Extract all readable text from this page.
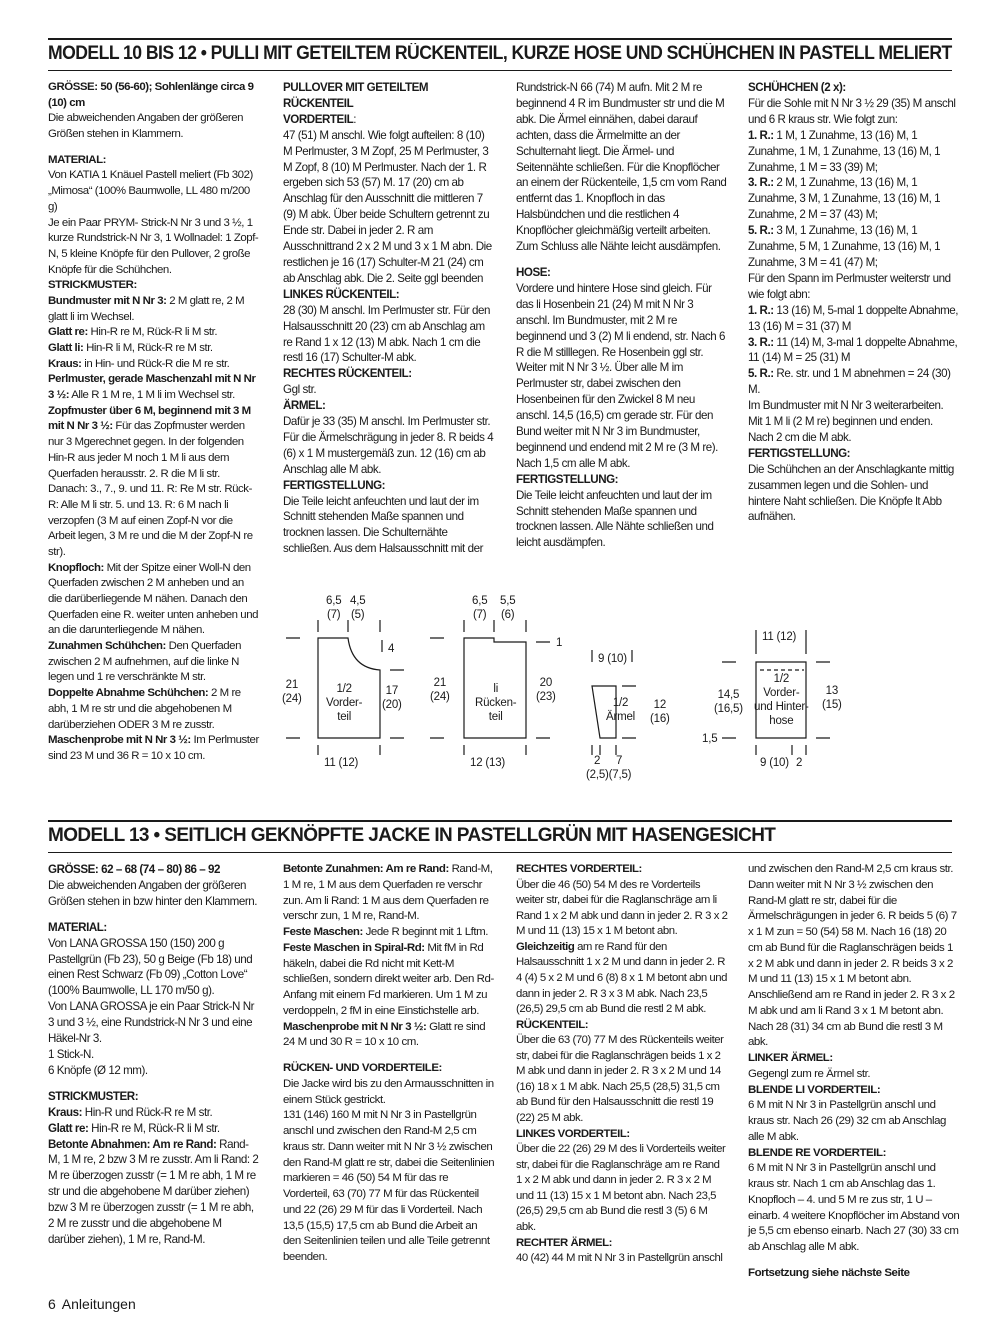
MODELL 10 BIS 12 • PULLI MIT GETEILTEM RÜCKENTEIL, KURZE HOSE UND SCHÜHCHEN IN PASTELL MELIERT

GRÖSSE: 50 (56-60); Sohlenlänge circa 9 (10) cm

Die abweichenden Angaben der größeren Größen stehen in Klammern.

MATERIAL:

Von KATIA 1 Knäuel Pastell meliert (Fb 302) „Mimosa“ (100% Baumwolle, LL 480 m/200 g)

Je ein Paar PRYM- Strick-N Nr 3 und 3 ½, 1 kurze Rundstrick-N Nr 3, 1 Wollnadel: 1 Zopf-N, 5 kleine Knöpfe für den Pullover, 2 große Knöpfe für die Schühchen.

STRICKMUSTER:

Bundmuster mit N Nr 3: 2 M glatt re, 2 M glatt li im Wechsel.

Glatt re: Hin-R re M, Rück-R li M str.

Glatt li: Hin-R li M, Rück-R re M str.

Kraus: in Hin- und Rück-R die M re str.

Perlmuster, gerade Maschenzahl mit N Nr 3 ½: Alle R 1 M re, 1 M li im Wechsel str.

Zopfmuster über 6 M, beginnend mit 3 M mit N Nr 3 ½: Für das Zopfmuster werden nur 3 Mgerechnet gegen. In der folgenden Hin-R aus jeder M noch 1 M li aus dem Querfaden herausstr. 2. R die M li str. Danach: 3., 7., 9. und 11. R: Re M str. Rück-R: Alle M li str. 5. und 13. R: 6 M nach li verzopfen (3 M auf einen Zopf-N vor die Arbeit legen, 3 M re und die M der Zopf-N re str).

Knopfloch: Mit der Spitze einer Woll-N den Querfaden zwischen 2 M anheben und an die darüberliegende M nähen. Danach den Querfaden eine R. weiter unten anheben und an die darunterliegende M nähen.

Zunahmen Schühchen: Den Querfaden zwischen 2 M aufnehmen, auf die linke N legen und 1 re verschränkte M str.

Doppelte Abnahme Schühchen: 2 M re abh, 1 M re str und die abgehobenen M darüberziehen ODER 3 M re zusstr.

Maschenprobe mit N Nr 3 ½: Im Perlmuster sind 23 M und 36 R = 10 x 10 cm.

PULLOVER MIT GETEILTEM RÜCKENTEIL

VORDERTEIL:

47 (51) M anschl. Wie folgt aufteilen: 8 (10) M Perlmuster, 3 M Zopf, 25 M Perlmuster, 3 M Zopf, 8 (10) M Perlmuster. Nach der 1. R ergeben sich 53 (57) M. 17 (20) cm ab Anschlag für den Ausschnitt die mittleren 7 (9) M abk. Über beide Schultern getrennt zu Ende str. Dabei in jeder 2. R am Ausschnittrand 2 x 2 M und 3 x 1 M abn. Die restlichen je 16 (17) Schulter-M 21 (24) cm ab Anschlag abk. Die 2. Seite ggl beenden

LINKES RÜCKENTEIL:

28 (30) M anschl. Im Perlmuster str. Für den Halsausschnitt 20 (23) cm ab Anschlag am re Rand 1 x 12 (13) M abk. Nach 1 cm die restl 16 (17) Schulter-M abk.

RECHTES RÜCKENTEIL:

Ggl str.

ÄRMEL:

Dafür je 33 (35) M anschl. Im Perlmuster str. Für die Ärmelschrägung in jeder 8. R beids 4 (6) x 1 M mustergemäß zun. 12 (16) cm ab Anschlag alle M abk.

FERTIGSTELLUNG:

Die Teile leicht anfeuchten und laut der im Schnitt stehenden Maße spannen und trocknen lassen. Die Schulternähte schließen. Aus dem Halsausschnitt mit der

Rundstrick-N 66 (74) M aufn. Mit 2 M re beginnend 4 R im Bundmuster str und die M abk. Die Ärmel einnähen, dabei darauf achten, dass die Ärmelmitte an der Schulternaht liegt. Die Ärmel- und Seitennähte schließen. Für die Knopflöcher an einem der Rückenteile, 1,5 cm vom Rand entfernt das 1. Knopfloch in das Halsbündchen und die restlichen 4 Knopflöcher gleichmäßig verteilt arbeiten. Zum Schluss alle Nähte leicht ausdämpfen.

HOSE:

Vordere und hintere Hose sind gleich. Für das li Hosenbein 21 (24) M mit N Nr 3 anschl. Im Bundmuster, mit 2 M re beginnend und 3 (2) M li endend, str. Nach 6 R die M stilllegen. Re Hosenbein ggl str. Weiter mit N Nr 3 ½. Über alle M im Perlmuster str, dabei zwischen den Hosenbeinen für den Zwickel 8 M neu anschl. 14,5 (16,5) cm gerade str. Für den Bund weiter mit N Nr 3 im Bundmuster, beginnend und endend mit 2 M re (3 M re). Nach 1,5 cm alle M abk.

FERTIGSTELLUNG:

Die Teile leicht anfeuchten und laut der im Schnitt stehenden Maße spannen und trocknen lassen. Alle Nähte schließen und leicht ausdämpfen.

SCHÜHCHEN (2 x):

Für die Sohle mit N Nr 3 ½ 29 (35) M anschl und 6 R kraus str. Wie folgt zun:

1. R.: 1 M, 1 Zunahme, 13 (16) M, 1 Zunahme, 1 M, 1 Zunahme, 13 (16) M, 1 Zunahme, 1 M = 33 (39) M;

3. R.: 2 M, 1 Zunahme, 13 (16) M, 1 Zunahme, 3 M, 1 Zunahme, 13 (16) M, 1 Zunahme, 2 M = 37 (43) M;

5. R.: 3 M, 1 Zunahme, 13 (16) M, 1 Zunahme, 5 M, 1 Zunahme, 13 (16) M, 1 Zunahme, 3 M = 41 (47) M;

Für den Spann im Perlmuster weiterstr und wie folgt abn:

1. R.: 13 (16) M, 5-mal 1 doppelte Abnahme, 13 (16) M = 31 (37) M

3. R.: 11 (14) M, 3-mal 1 doppelte Abnahme, 11 (14) M = 25 (31) M

5. R.: Re. str. und 1 M abnehmen = 24 (30) M.

Im Bundmuster mit N Nr 3 weiterarbeiten. Mit 1 M li (2 M re) beginnen und enden. Nach 2 cm die M abk.

FERTIGSTELLUNG:

Die Schühchen an der Anschlagkante mittig zusammen legen und die Sohlen- und hintere Naht schließen. Die Knöpfe lt Abb aufnähen.

6,5
(7)
4,5
(5)
4
21
(24)
1/2
Vorder-
teil
17
(20)
11 (12)
6,5
(7)
5,5
(6)
1
21
(24)
li
Rücken-
teil
20
(23)
12 (13)
9 (10)
1/2
Ärmel
12
(16)
2 7
(2,5)(7,5)
11 (12)
1/2
Vorder-
und Hinter-
hose
14,5
(16,5)
13
(15)
1,5
9 (10) 2
MODELL 13 • SEITLICH GEKNÖPFTE JACKE IN PASTELLGRÜN MIT HASENGESICHT

GRÖSSE: 62 – 68 (74 – 80) 86 – 92

Die abweichenden Angaben der größeren Größen stehen in bzw hinter den Klammern.

MATERIAL:

Von LANA GROSSA 150 (150) 200 g Pastellgrün (Fb 23), 50 g Beige (Fb 18) und einen Rest Schwarz (Fb 09) „Cotton Love“ (100% Baumwolle, LL 170 m/50 g).

Von LANA GROSSA je ein Paar Strick-N Nr 3 und 3 ½, eine Rundstrick-N Nr 3 und eine Häkel-Nr 3.

1 Stick-N.

6 Knöpfe (Ø 12 mm).

STRICKMUSTER:

Kraus: Hin-R und Rück-R re M str.

Glatt re: Hin-R re M, Rück-R li M str.

Betonte Abnahmen: Am re Rand: Rand-M, 1 M re, 2 bzw 3 M re zusstr. Am li Rand: 2 M re überzogen zusstr (= 1 M re abh, 1 M re str und die abgehobene M darüber ziehen) bzw 3 M re überzogen zusstr (= 1 M re abh, 2 M re zusstr und die abgehobene M darüber ziehen), 1 M re, Rand-M.

Betonte Zunahmen: Am re Rand: Rand-M, 1 M re, 1 M aus dem Querfaden re verschr zun. Am li Rand: 1 M aus dem Querfaden re verschr zun, 1 M re, Rand-M.

Feste Maschen: Jede R beginnt mit 1 Lftm.

Feste Maschen in Spiral-Rd: Mit fM in Rd häkeln, dabei die Rd nicht mit Kett-M schließen, sondern direkt weiter arb. Den Rd-Anfang mit einem Fd markieren. Um 1 M zu verdoppeln, 2 fM in eine Einstichstelle arb.

Maschenprobe mit N Nr 3 ½: Glatt re sind 24 M und 30 R = 10 x 10 cm.

RÜCKEN- UND VORDERTEILE:

Die Jacke wird bis zu den Armausschnitten in einem Stück gestrickt.

131 (146) 160 M mit N Nr 3 in Pastellgrün anschl und zwischen den Rand-M 2,5 cm kraus str. Dann weiter mit N Nr 3 ½ zwischen den Rand-M glatt re str, dabei die Seitenlinien markieren = 46 (50) 54 M für das re Vorderteil, 63 (70) 77 M für das Rückenteil und 22 (26) 29 M für das li Vorderteil. Nach 13,5 (15,5) 17,5 cm ab Bund die Arbeit an den Seitenlinien teilen und alle Teile getrennt beenden.

RECHTES VORDERTEIL:

Über die 46 (50) 54 M des re Vorderteils weiter str, dabei für die Raglanschräge am li Rand 1 x 2 M abk und dann in jeder 2. R 3 x 2 M und 11 (13) 15 x 1 M betont abn.

Gleichzeitig am re Rand für den Halsausschnitt 1 x 2 M und dann in jeder 2. R 4 (4) 5 x 2 M und 6 (8) 8 x 1 M betont abn und dann in jeder 2. R 3 x 3 M abk. Nach 23,5 (26,5) 29,5 cm ab Bund die restl 2 M abk.

RÜCKENTEIL:

Über die 63 (70) 77 M des Rückenteils weiter str, dabei für die Raglanschrägen beids 1 x 2 M abk und dann in jeder 2. R 3 x 2 M und 14 (16) 18 x 1 M abk. Nach 25,5 (28,5) 31,5 cm ab Bund für den Halsausschnitt die restl 19 (22) 25 M abk.

LINKES VORDERTEIL:

Über die 22 (26) 29 M des li Vorderteils weiter str, dabei für die Raglanschräge am re Rand 1 x 2 M abk und dann in jeder 2. R 3 x 2 M und 11 (13) 15 x 1 M betont abn. Nach 23,5 (26,5) 29,5 cm ab Bund die restl 3 (5) 6 M abk.

RECHTER ÄRMEL:

40 (42) 44 M mit N Nr 3 in Pastellgrün anschl

und zwischen den Rand-M 2,5 cm kraus str. Dann weiter mit N Nr 3 ½ zwischen den Rand-M glatt re str, dabei für die Ärmelschrägungen in jeder 6. R beids 5 (6) 7 x 1 M zun = 50 (54) 58 M. Nach 16 (18) 20 cm ab Bund für die Raglanschrägen beids 1 x 2 M abk und dann in jeder 2. R beids 3 x 2 M und 11 (13) 15 x 1 M betont abn. Anschließend am re Rand in jeder 2. R 3 x 2 M abk und am li Rand 3 x 1 M betont abn. Nach 28 (31) 34 cm ab Bund die restl 3 M abk.

LINKER ÄRMEL:

Gegengl zum re Ärmel str.

BLENDE LI VORDERTEIL:

6 M mit N Nr 3 in Pastellgrün anschl und kraus str. Nach 26 (29) 32 cm ab Anschlag alle M abk.

BLENDE RE VORDERTEIL:

6 M mit N Nr 3 in Pastellgrün anschl und kraus str. Nach 1 cm ab Anschlag das 1. Knopfloch – 4. und 5 M re zus str, 1 U – einarb. 4 weitere Knopflöcher im Abstand von je 5,5 cm ebenso einarb. Nach 27 (30) 33 cm ab Anschlag alle M abk.

Fortsetzung siehe nächste Seite

6 Anleitungen
